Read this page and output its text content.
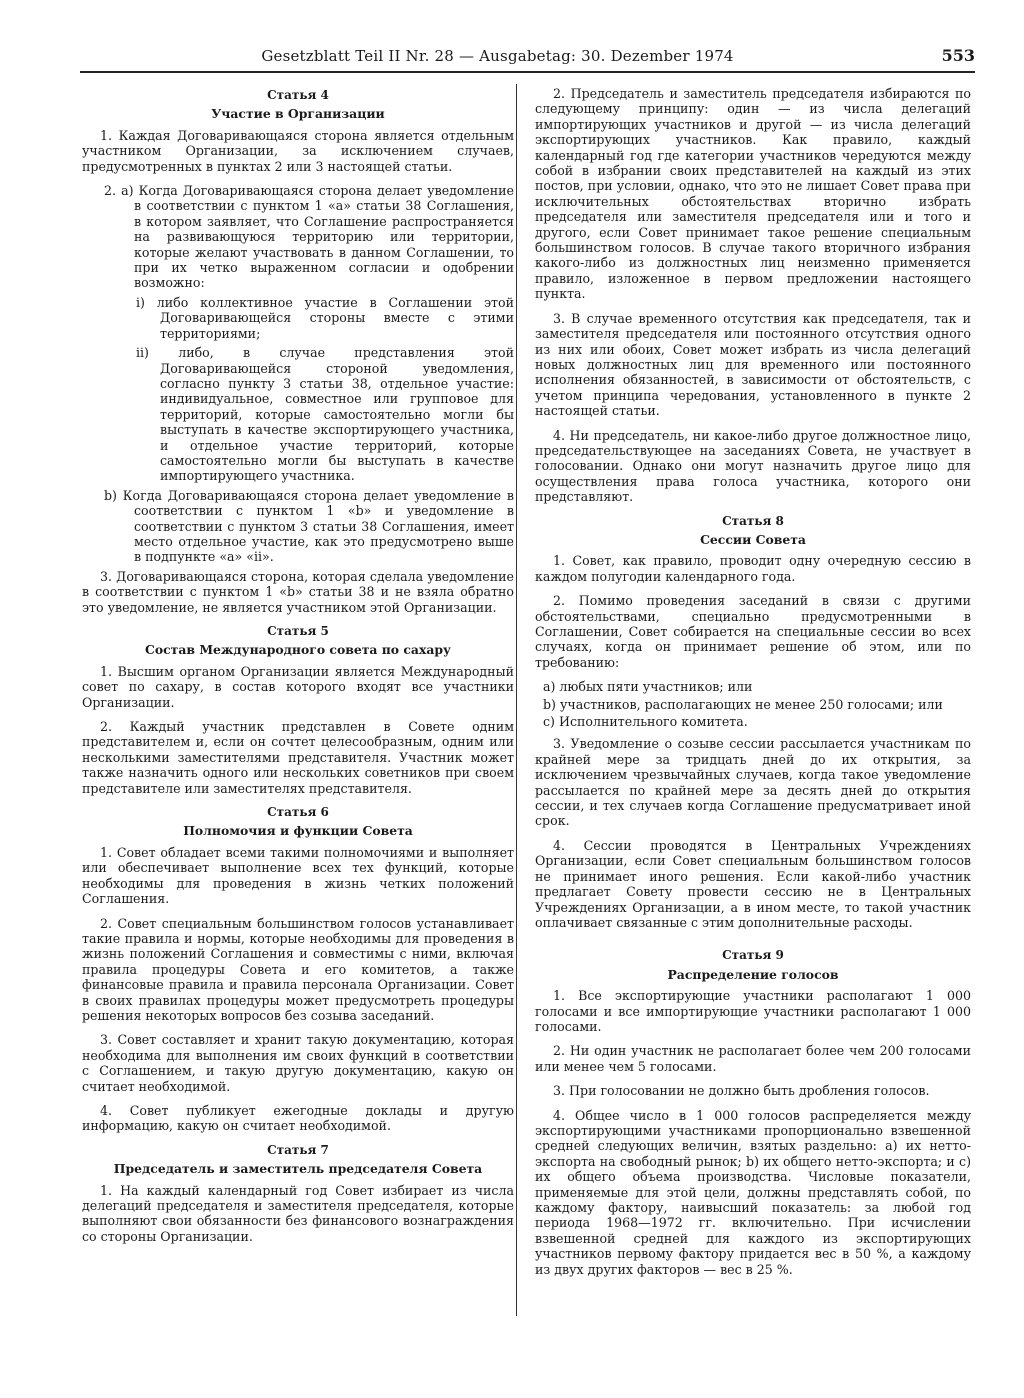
Gesetzblatt Teil II Nr. 28 — Ausgabetag: 30. Dezember 1974	553
Статья 4
Участие в Организации

1. Каждая Договаривающаяся сторона является отдельным участником Организации, за исключением случаев, предусмотренных в пунктах 2 или 3 настоящей статьи.

2. a) Когда Договаривающаяся сторона делает уведомление в соответствии с пунктом 1 «a» статьи 38 Соглашения, в котором заявляет, что Соглашение распространяется на развивающуюся территорию или территории, которые желают участвовать в данном Соглашении, то при их четко выраженном согласии и одобрении возможно:

i) либо коллективное участие в Соглашении этой Договаривающейся стороны вместе с этими территориями;

ii) либо, в случае представления этой Договаривающейся стороной уведомления, согласно пункту 3 статьи 38, отдельное участие: индивидуальное, совместное или групповое для территорий, которые самостоятельно могли бы выступать в качестве экспортирующего участника, и отдельное участие территорий, которые самостоятельно могли бы выступать в качестве импортирующего участника.

b) Когда Договаривающаяся сторона делает уведомление в соответствии с пунктом 1 «b» и уведомление в соответствии с пунктом 3 статьи 38 Соглашения, имеет место отдельное участие, как это предусмотрено выше в подпункте «a» «ii».

3. Договаривающаяся сторона, которая сделала уведомление в соответствии с пунктом 1 «b» статьи 38 и не взяла обратно это уведомление, не является участником этой Организации.

Статья 5
Состав Международного совета по сахару

1. Высшим органом Организации является Международный совет по сахару, в состав которого входят все участники Организации.

2. Каждый участник представлен в Совете одним представителем и, если он сочтет целесообразным, одним или несколькими заместителями представителя. Участник может также назначить одного или нескольких советников при своем представителе или заместителях представителя.

Статья 6
Полномочия и функции Совета

1. Совет обладает всеми такими полномочиями и выполняет или обеспечивает выполнение всех тех функций, которые необходимы для проведения в жизнь четких положений Соглашения.

2. Совет специальным большинством голосов устанавливает такие правила и нормы, которые необходимы для проведения в жизнь положений Соглашения и совместимы с ними, включая правила процедуры Совета и его комитетов, а также финансовые правила и правила персонала Организации. Совет в своих правилах процедуры может предусмотреть процедуры решения некоторых вопросов без созыва заседаний.

3. Совет составляет и хранит такую документацию, которая необходима для выполнения им своих функций в соответствии с Соглашением, и такую другую документацию, какую он считает необходимой.

4. Совет публикует ежегодные доклады и другую информацию, какую он считает необходимой.

Статья 7
Председатель и заместитель председателя Совета

1. На каждый календарный год Совет избирает из числа делегаций председателя и заместителя председателя, которые выполняют свои обязанности без финансового вознаграждения со стороны Организации.

2. Председатель и заместитель председателя избираются по следующему принципу: один — из числа делегаций импортирующих участников и другой — из числа делегаций экспортирующих участников. Как правило, каждый календарный год где категории участников чередуются между собой в избрании своих представителей на каждый из этих постов, при условии, однако, что это не лишает Совет права при исключительных обстоятельствах вторично избрать председателя или заместителя председателя или и того и другого, если Совет принимает такое решение специальным большинством голосов. В случае такого вторичного избрания какого-либо из должностных лиц неизменно применяется правило, изложенное в первом предложении настоящего пункта.

3. В случае временного отсутствия как председателя, так и заместителя председателя или постоянного отсутствия одного из них или обоих, Совет может избрать из числа делегаций новых должностных лиц для временного или постоянного исполнения обязанностей, в зависимости от обстоятельств, с учетом принципа чередования, установленного в пункте 2 настоящей статьи.

4. Ни председатель, ни какое-либо другое должностное лицо, председательствующее на заседаниях Совета, не участвует в голосовании. Однако они могут назначить другое лицо для осуществления права голоса участника, которого они представляют.

Статья 8
Сессии Совета

1. Совет, как правило, проводит одну очередную сессию в каждом полугодии календарного года.

2. Помимо проведения заседаний в связи с другими обстоятельствами, специально предусмотренными в Соглашении, Совет собирается на специальные сессии во всех случаях, когда он принимает решение об этом, или по требованию:

a) любых пяти участников; или
b) участников, располагающих не менее 250 голосами; или
c) Исполнительного комитета.

3. Уведомление о созыве сессии рассылается участникам по крайней мере за тридцать дней до их открытия, за исключением чрезвычайных случаев, когда такое уведомление рассылается по крайней мере за десять дней до открытия сессии, и тех случаев когда Соглашение предусматривает иной срок.

4. Сессии проводятся в Центральных Учреждениях Организации, если Совет специальным большинством голосов не принимает иного решения. Если какой-либо участник предлагает Совету провести сессию не в Центральных Учреждениях Организации, а в ином месте, то такой участник оплачивает связанные с этим дополнительные расходы.

Статья 9
Распределение голосов

1. Все экспортирующие участники располагают 1 000 голосами и все импортирующие участники располагают 1 000 голосами.

2. Ни один участник не располагает более чем 200 голосами или менее чем 5 голосами.

3. При голосовании не должно быть дробления голосов.

4. Общее число в 1 000 голосов распределяется между экспортирующими участниками пропорционально взвешенной средней следующих величин, взятых раздельно: a) их нетто-экспорта на свободный рынок; b) их общего нетто-экспорта; и c) их общего объема производства. Числовые показатели, применяемые для этой цели, должны представлять собой, по каждому фактору, наивысший показатель: за любой год периода 1968—1972 гг. включительно. При исчислении взвешенной средней для каждого из экспортирующих участников первому фактору придается вес в 50 %, а каждому из двух других факторов — вес в 25 %.
